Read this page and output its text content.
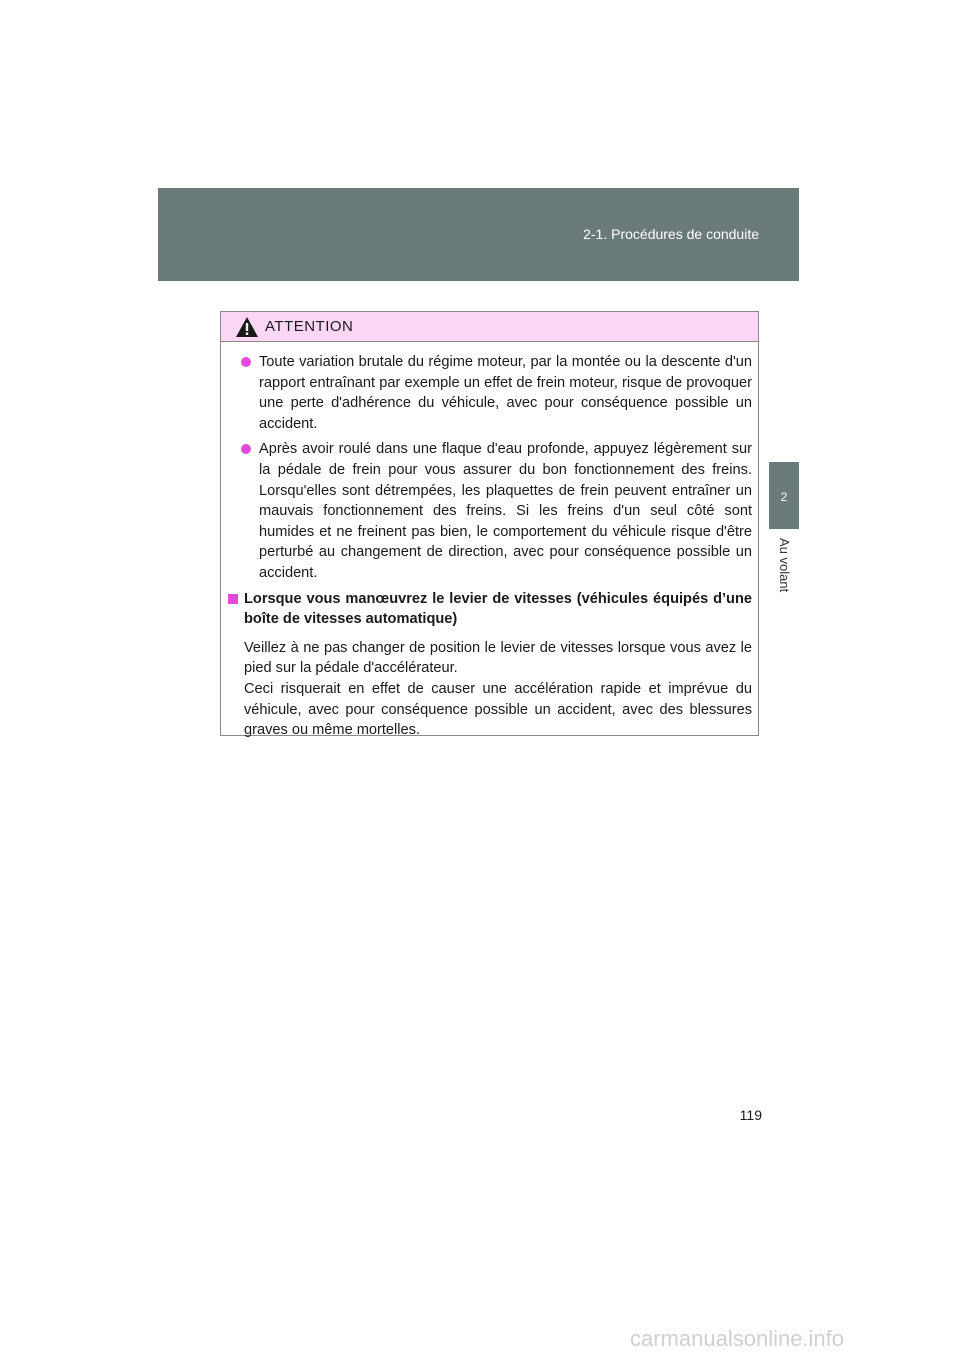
2-1. Procédures de conduite
2
Au volant
ATTENTION
Toute variation brutale du régime moteur, par la montée ou la descente d'un rapport entraînant par exemple un effet de frein moteur, risque de provoquer une perte d'adhérence du véhicule, avec pour conséquence possible un accident.
Après avoir roulé dans une flaque d'eau profonde, appuyez légèrement sur la pédale de frein pour vous assurer du bon fonctionnement des freins. Lorsqu'elles sont détrempées, les plaquettes de frein peuvent entraîner un mauvais fonctionnement des freins. Si les freins d'un seul côté sont humides et ne freinent pas bien, le comportement du véhicule risque d'être perturbé au changement de direction, avec pour conséquence possible un accident.
Lorsque vous manœuvrez le levier de vitesses (véhicules équipés d’une boîte de vitesses automatique)

Veillez à ne pas changer de position le levier de vitesses lorsque vous avez le pied sur la pédale d'accélérateur.

Ceci risquerait en effet de causer une accélération rapide et imprévue du véhicule, avec pour conséquence possible un accident, avec des blessures graves ou même mortelles.

119
carmanualsonline.info
